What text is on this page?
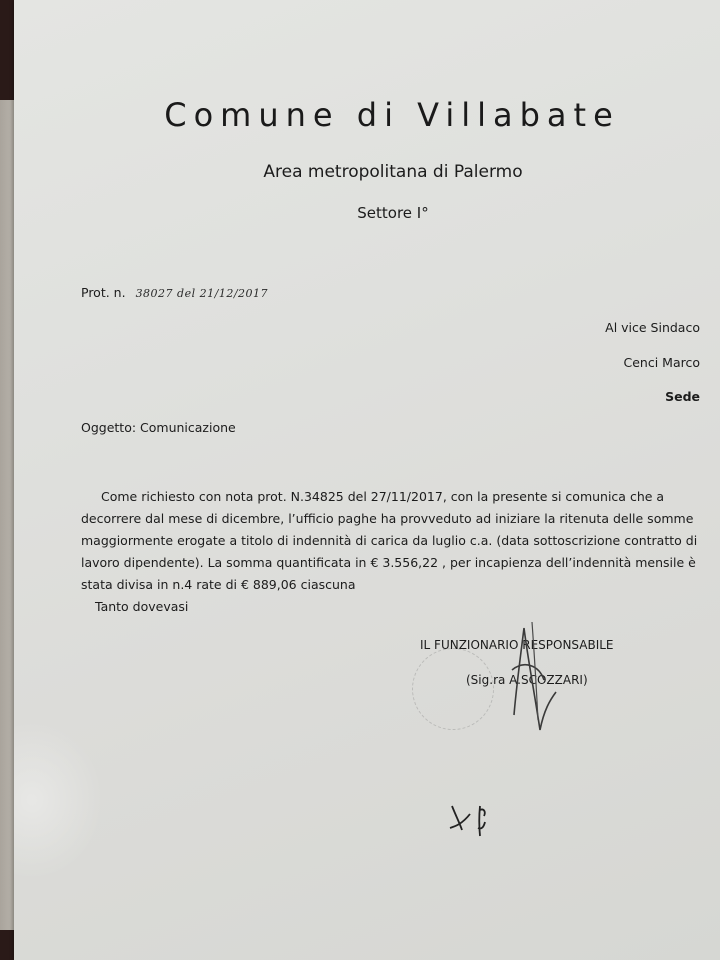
Comune di Villabate
Area metropolitana di Palermo
Settore I°
Prot. n. 38027 del 21/12/2017
Al vice Sindaco
Cenci Marco
Sede
Oggetto: Comunicazione
Come richiesto con nota prot. N.34825 del 27/11/2017, con la presente si comunica che a
decorrere dal mese di dicembre, l’ufficio paghe ha provveduto ad iniziare la ritenuta delle somme
maggiormente erogate a titolo di indennità di carica da luglio c.a. (data sottoscrizione contratto di
lavoro dipendente). La somma quantificata in € 3.556,22 , per incapienza dell’indennità mensile è
stata divisa in n.4 rate di € 889,06 ciascuna
Tanto dovevasi
IL FUNZIONARIO RESPONSABILE
(Sig.ra A.SCOZZARI)
